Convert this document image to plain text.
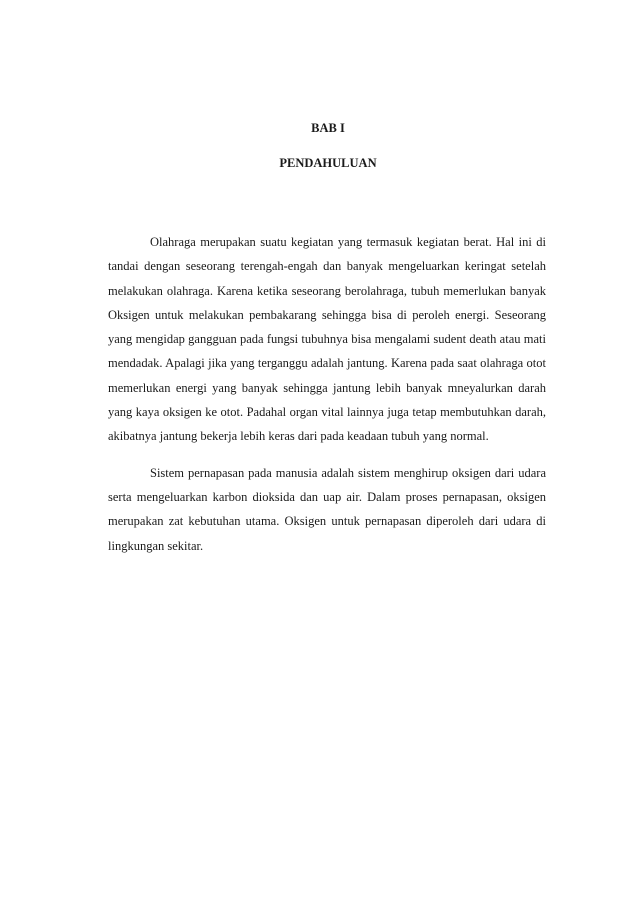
BAB I
PENDAHULUAN

Olahraga merupakan suatu kegiatan yang termasuk kegiatan berat. Hal ini di tandai dengan seseorang terengah-engah dan banyak mengeluarkan keringat setelah melakukan olahraga. Karena ketika seseorang berolahraga, tubuh memerlukan banyak Oksigen untuk melakukan pembakarang sehingga bisa di peroleh energi. Seseorang yang mengidap gangguan pada fungsi tubuhnya bisa mengalami sudent death atau mati mendadak. Apalagi jika yang terganggu adalah jantung. Karena pada saat olahraga otot memerlukan energi yang banyak sehingga jantung lebih banyak mneyalurkan darah yang kaya oksigen ke otot. Padahal organ vital lainnya juga tetap membutuhkan darah, akibatnya jantung bekerja lebih keras dari pada keadaan tubuh yang normal.

Sistem pernapasan pada manusia adalah sistem menghirup oksigen dari udara serta mengeluarkan karbon dioksida dan uap air. Dalam proses pernapasan, oksigen merupakan zat kebutuhan utama. Oksigen untuk pernapasan diperoleh dari udara di lingkungan sekitar.
